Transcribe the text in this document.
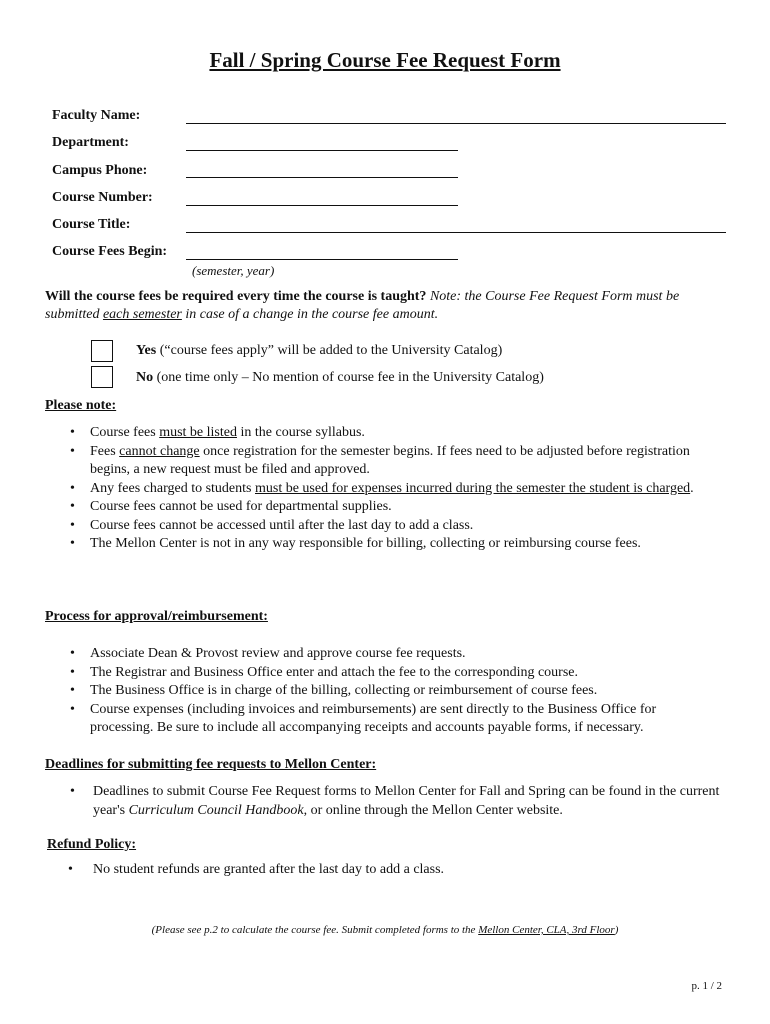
Fall / Spring Course Fee Request Form
Faculty Name:
Department:
Campus Phone:
Course Number:
Course Title:
Course Fees Begin:
(semester, year)
Will the course fees be required every time the course is taught? Note: the Course Fee Request Form must be submitted each semester in case of a change in the course fee amount.
Yes (“course fees apply” will be added to the University Catalog)
No (one time only – No mention of course fee in the University Catalog)
Please note:
• Course fees must be listed in the course syllabus.
• Fees cannot change once registration for the semester begins. If fees need to be adjusted before registration begins, a new request must be filed and approved.
• Any fees charged to students must be used for expenses incurred during the semester the student is charged.
• Course fees cannot be used for departmental supplies.
• Course fees cannot be accessed until after the last day to add a class.
• The Mellon Center is not in any way responsible for billing, collecting or reimbursing course fees.
Process for approval/reimbursement:
• Associate Dean & Provost review and approve course fee requests.
• The Registrar and Business Office enter and attach the fee to the corresponding course.
• The Business Office is in charge of the billing, collecting or reimbursement of course fees.
• Course expenses (including invoices and reimbursements) are sent directly to the Business Office for processing. Be sure to include all accompanying receipts and accounts payable forms, if necessary.
Deadlines for submitting fee requests to Mellon Center:
• Deadlines to submit Course Fee Request forms to Mellon Center for Fall and Spring can be found in the current year's Curriculum Council Handbook, or online through the Mellon Center website.
Refund Policy:
• No student refunds are granted after the last day to add a class.
(Please see p.2 to calculate the course fee. Submit completed forms to the Mellon Center, CLA, 3rd Floor)
p. 1 / 2
